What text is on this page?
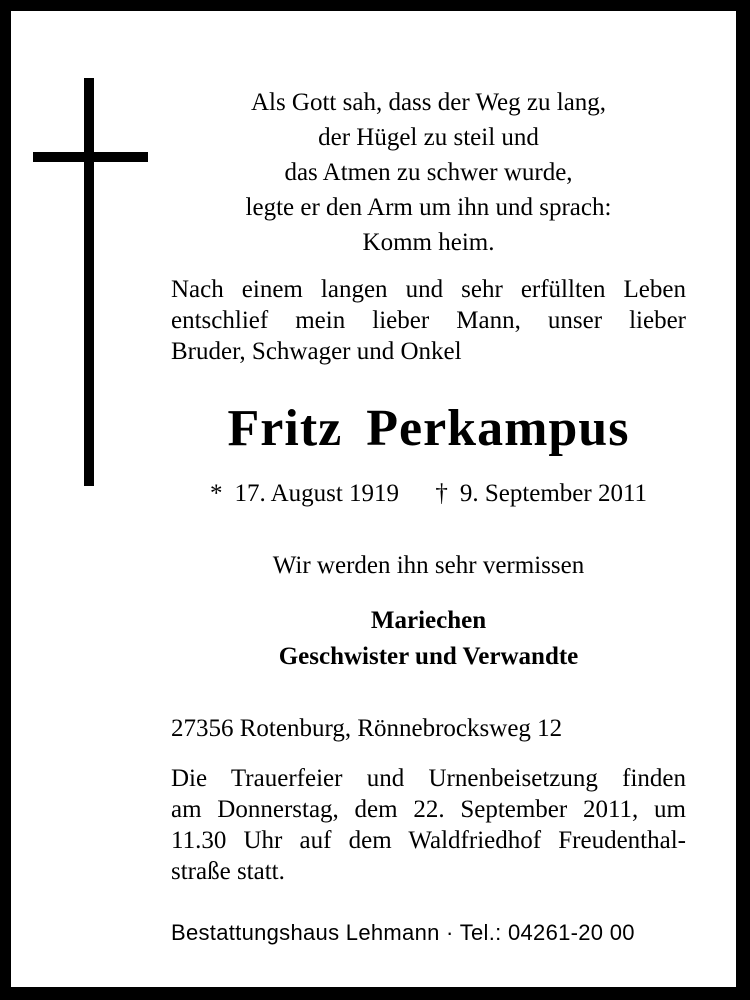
Als Gott sah, dass der Weg zu lang,
der Hügel zu steil und
das Atmen zu schwer wurde,
legte er den Arm um ihn und sprach:
Komm heim.
Nach einem langen und sehr erfüllten Leben
entschlief mein lieber Mann, unser lieber
Bruder, Schwager und Onkel
Fritz Perkampus
* 17. August 1919 † 9. September 2011
Wir werden ihn sehr vermissen
Mariechen
Geschwister und Verwandte
27356 Rotenburg, Rönnebrocksweg 12
Die Trauerfeier und Urnenbeisetzung finden
am Donnerstag, dem 22. September 2011, um
11.30 Uhr auf dem Waldfriedhof Freudenthal-
straße statt.
Bestattungshaus Lehmann · Tel.: 04261-20 00
